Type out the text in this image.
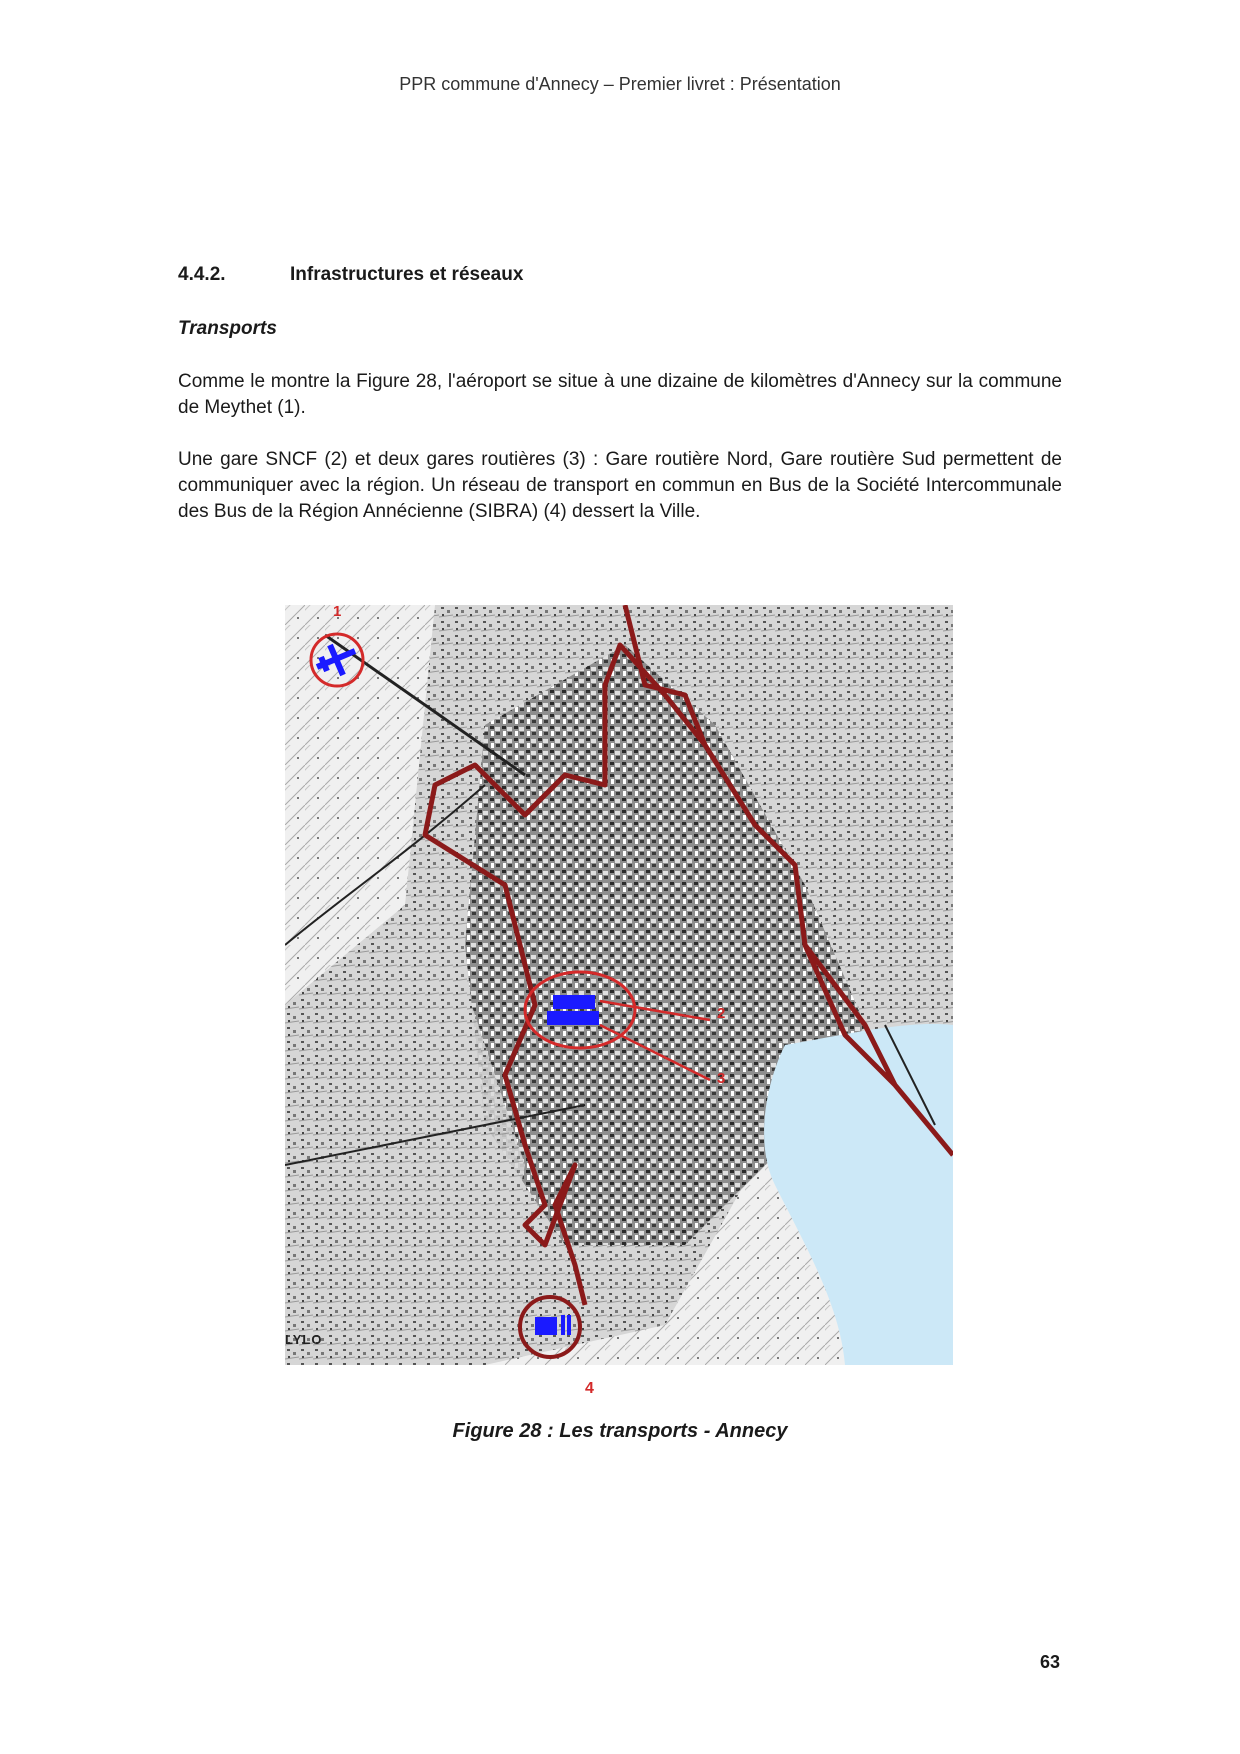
PPR commune d'Annecy – Premier livret : Présentation
4.4.2.	Infrastructures et réseaux
Transports
Comme le montre la Figure 28, l'aéroport se situe à une dizaine de kilomètres d'Annecy sur la commune de Meythet (1).
Une gare SNCF (2) et deux gares routières (3) : Gare routière Nord, Gare routière Sud permettent de communiquer avec la région. Un réseau de transport en commun en Bus de la Société Intercommunale des Bus de la Région Annécienne (SIBRA) (4) dessert la Ville.
1
2
3
LYLO
4
Figure 28 : Les transports - Annecy
63
